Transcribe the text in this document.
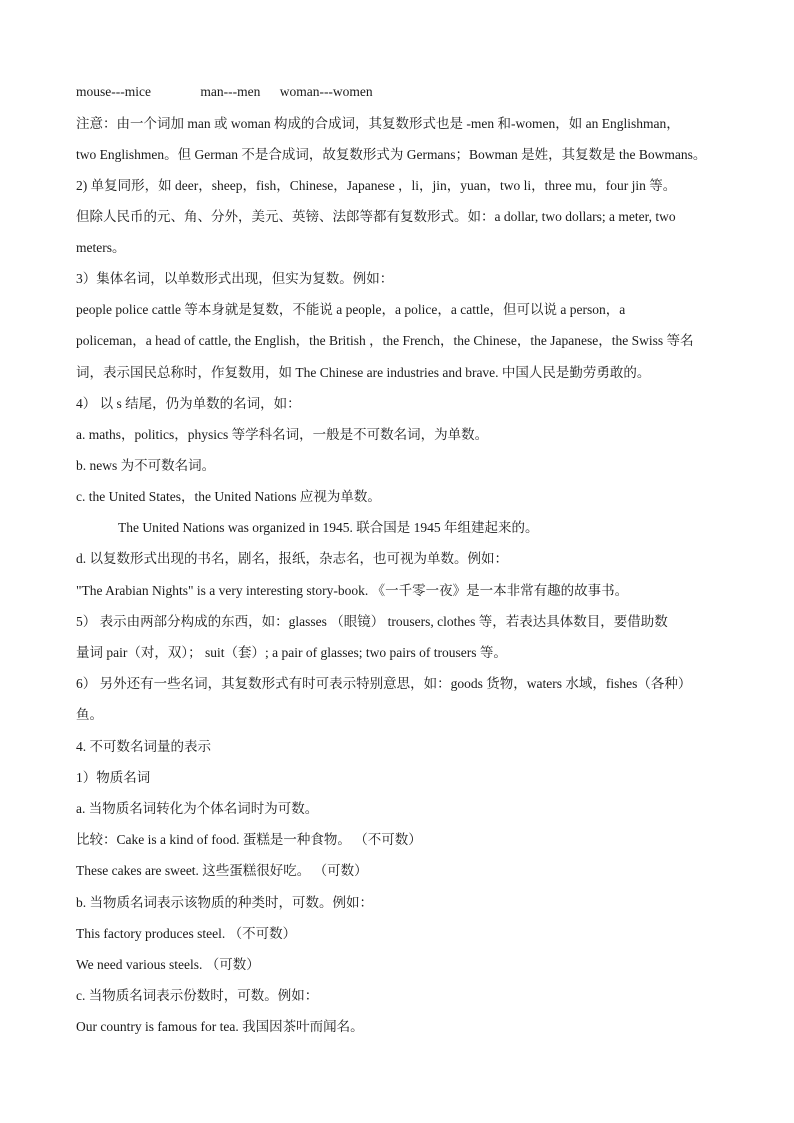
mouse---mice	man---men woman---women
注意：由一个词加 man 或 woman 构成的合成词，其复数形式也是 -men 和-women，如 an Englishman，
two Englishmen。但 German 不是合成词，故复数形式为 Germans；Bowman 是姓，其复数是 the Bowmans。
2) 单复同形，如 deer，sheep，fish，Chinese，Japanese ，li，jin，yuan，two li，three mu，four jin 等。
但除人民币的元、角、分外，美元、英镑、法郎等都有复数形式。如：a dollar, two dollars; a meter, two
meters。
3）集体名词，以单数形式出现，但实为复数。例如：
people police cattle 等本身就是复数，不能说 a people，a police，a cattle，但可以说 a person，a
policeman，a head of cattle, the English，the British ，the French，the Chinese，the Japanese，the Swiss 等名
词，表示国民总称时，作复数用，如 The Chinese are industries and brave. 中国人民是勤劳勇敢的。
4） 以 s 结尾，仍为单数的名词，如：
a. maths，politics，physics 等学科名词，一般是不可数名词，为单数。
b. news 为不可数名词。
c. the United States，the United Nations 应视为单数。
The United Nations was organized in 1945. 联合国是 1945 年组建起来的。
d. 以复数形式出现的书名，剧名，报纸，杂志名，也可视为单数。例如：
"The Arabian Nights" is a very interesting story-book. 《一千零一夜》是一本非常有趣的故事书。
5） 表示由两部分构成的东西，如：glasses （眼镜） trousers, clothes 等，若表达具体数目，要借助数
量词 pair（对，双）； suit（套）; a pair of glasses; two pairs of trousers 等。
6） 另外还有一些名词，其复数形式有时可表示特别意思，如：goods 货物，waters 水域，fishes（各种）
鱼。
4. 不可数名词量的表示
1）物质名词
a. 当物质名词转化为个体名词时为可数。
比较：Cake is a kind of food. 蛋糕是一种食物。 （不可数）
These cakes are sweet. 这些蛋糕很好吃。 （可数）
b. 当物质名词表示该物质的种类时，可数。例如：
This factory produces steel. （不可数）
We need various steels. （可数）
c. 当物质名词表示份数时，可数。例如：
Our country is famous for tea. 我国因茶叶而闻名。
